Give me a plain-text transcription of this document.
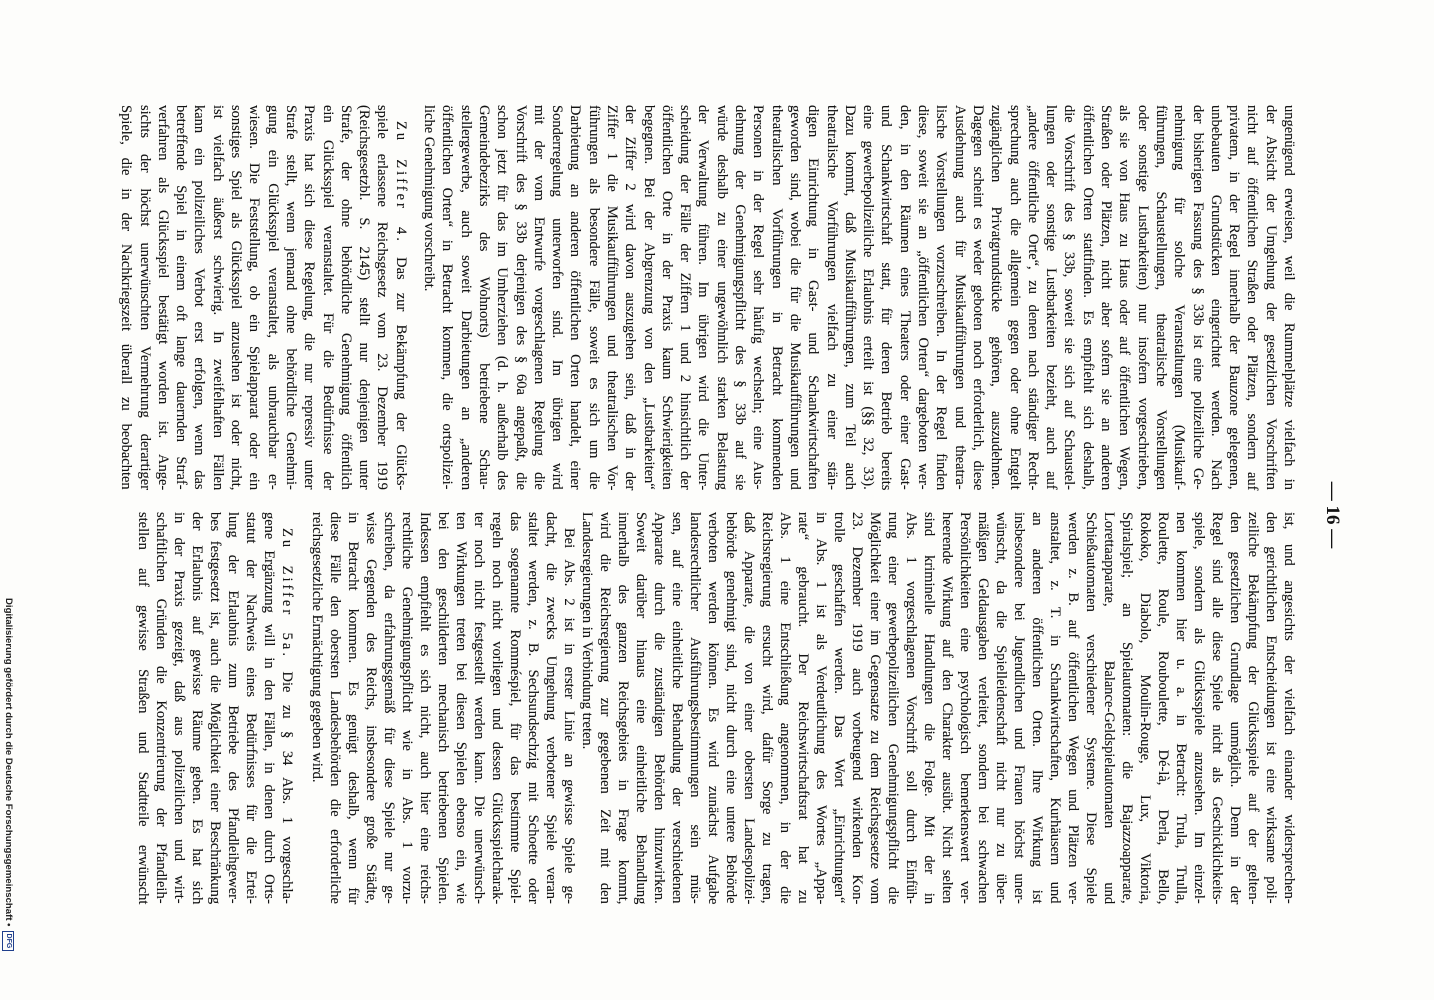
— 16 —
ungenügend erweisen, weil die Rummelplätze vielfach in
der Absicht der Umgehung der gesetzlichen Vorschriften
nicht auf öffentlichen Straßen oder Plätzen, sondern auf
privatem, in der Regel innerhalb der Bauzone gelegenen,
unbebauten Grundstücken eingerichtet werden. Nach
der bisherigen Fassung des § 33b ist eine polizeiliche Ge-
nehmigung für solche Veranstaltungen (Musikauf-
führungen, Schaustellungen, theatralische Vorstellungen
oder sonstige Lustbarkeiten) nur insofern vorgeschrieben,
als sie von Haus zu Haus oder auf öffentlichen Wegen,
Straßen oder Plätzen, nicht aber sofern sie an anderen
öffentlichen Orten stattfinden. Es empfiehlt sich deshalb,
die Vorschrift des § 33b, soweit sie sich auf Schaustel-
lungen oder sonstige Lustbarkeiten bezieht, auch auf
„andere öffentliche Orte“, zu denen nach ständiger Recht-
sprechung auch die allgemein gegen oder ohne Entgelt
zugänglichen Privatgrundstücke gehören, auszudehnen.
Dagegen scheint es weder geboten noch erforderlich, diese
Ausdehnung auch für Musikaufführungen und theatra-
lische Vorstellungen vorzuschreiben. In der Regel finden
diese, soweit sie an „öffentlichen Orten“ dargeboten wer-
den, in den Räumen eines Theaters oder einer Gast-
und Schankwirtschaft statt, für deren Betrieb bereits
eine gewerbepolizeiliche Erlaubnis erteilt ist (§§ 32, 33).
Dazu kommt, daß Musikaufführungen, zum Teil auch
theatralische Vorführungen vielfach zu einer stän-
digen Einrichtung in Gast- und Schankwirtschaften
geworden sind, wobei die für die Musikaufführungen und
theatralischen Vorführungen in Betracht kommenden
Personen in der Regel sehr häufig wechseln; eine Aus-
dehnung der Genehmigungspflicht des § 33b auf sie
würde deshalb zu einer ungewöhnlich starken Belastung
der Verwaltung führen. Im übrigen wird die Unter-
scheidung der Fälle der Ziffern 1 und 2 hinsichtlich der
öffentlichen Orte in der Praxis kaum Schwierigkeiten
begegnen. Bei der Abgrenzung von den „Lustbarkeiten“
der Ziffer 2 wird davon auszugehen sein, daß in der
Ziffer 1 die Musikaufführungen und theatralischen Vor-
führungen als besondere Fälle, soweit es sich um die
Darbietung an anderen öffentlichen Orten handelt, einer
Sonderregelung unterworfen sind. Im übrigen wird
mit der vom Entwurfe vorgeschlagenen Regelung die
Vorschrift des § 33b derjenigen des § 60a angepaßt, die
schon jetzt für das im Umherziehen (d. h. außerhalb des
Gemeindebezirks des Wohnorts) betriebene Schau-
stellergewerbe, auch soweit Darbietungen an „anderen
öffentlichen Orten“ in Betracht kommen, die ortspolizei-
liche Genehmigung vorschreibt.
Zu Ziffer 4. Das zur Bekämpfung der Glücks-
spiele erlassene Reichsgesetz vom 23. Dezember 1919
(Reichsgesetzbl. S. 2145) stellt nur denjenigen unter
Strafe, der ohne behördliche Genehmigung öffentlich
ein Glücksspiel veranstaltet. Für die Bedürfnisse der
Praxis hat sich diese Regelung, die nur repressiv unter
Strafe stellt, wenn jemand ohne behördliche Genehmi-
gung ein Glücksspiel veranstaltet, als unbrauchbar er-
wiesen. Die Feststellung, ob ein Spielapparat oder ein
sonstiges Spiel als Glücksspiel anzusehen ist oder nicht,
ist vielfach äußerst schwierig. In zweifelhaften Fällen
kann ein polizeiliches Verbot erst erfolgen, wenn das
betreffende Spiel in einem oft lange dauernden Straf-
verfahren als Glücksspiel bestätigt worden ist. Ange-
sichts der höchst unerwünschten Vermehrung derartiger
Spiele, die in der Nachkriegszeit überall zu beobachten
ist, und angesichts der vielfach einander widersprechen-
den gerichtlichen Entscheidungen ist eine wirksame poli-
zeiliche Bekämpfung der Glücksspiele auf der gelten-
den gesetzlichen Grundlage unmöglich. Denn in der
Regel sind alle diese Spiele nicht als Geschicklichkeits-
spiele, sondern als Glücksspiele anzusehen. Im einzel-
nen kommen hier u. a. in Betracht: Trula, Trulla,
Roulette, Roule, Rouboulette, Dé-là, Derla, Bello,
Rokoko, Diabolo, Moulin-Rouge, Lux, Viktoria,
Spiralspiel; an Spielautomaten: die Bajazzoapparate,
Lorettaapparate, Balance-Geldspielautomaten und
Schießautomaten verschiedener Systeme. Diese Spiele
werden z. B. auf öffentlichen Wegen und Plätzen ver-
anstaltet, z. T. in Schankwirtschaften, Kurhäusern und
an anderen öffentlichen Orten. Ihre Wirkung ist
insbesondere bei Jugendlichen und Frauen höchst uner-
wünscht, da die Spielleidenschaft nicht nur zu über-
mäßigen Geldausgaben verleitet, sondern bei schwachen
Persönlichkeiten eine psychologisch bemerkenswert ver-
heerende Wirkung auf den Charakter ausübt. Nicht selten
sind kriminelle Handlungen die Folge. Mit der in
Abs. 1 vorgeschlagenen Vorschrift soll durch Einfüh-
rung einer gewerbepolizeilichen Genehmigungspflicht die
Möglichkeit einer im Gegensatze zu dem Reichsgesetze vom
23. Dezember 1919 auch vorbeugend wirkenden Kon-
trolle geschaffen werden. Das Wort „Einrichtungen“
in Abs. 1 ist als Verdeutlichung des Wortes „Appa-
rate“ gebraucht. Der Reichswirtschaftsrat hat zu
Abs. 1 eine Entschließung angenommen, in der die
Reichsregierung ersucht wird, dafür Sorge zu tragen,
daß Apparate, die von einer obersten Landespolizei-
behörde genehmigt sind, nicht durch eine untere Behörde
verboten werden können. Es wird zunächst Aufgabe
landesrechtlicher Ausführungsbestimmungen sein müs-
sen, auf eine einheitliche Behandlung der verschiedenen
Apparate durch die zuständigen Behörden hinzuwirken.
Soweit darüber hinaus eine einheitliche Behandlung
innerhalb des ganzen Reichsgebiets in Frage kommt,
wird die Reichsregierung zur gegebenen Zeit mit den
Landesregierungen in Verbindung treten.
Bei Abs. 2 ist in erster Linie an gewisse Spiele ge-
dacht, die zwecks Umgehung verbotener Spiele veran-
staltet werden, z. B. Sechsundsechzig mit Schoette oder
das sogenannte Romméspiel, für das bestimmte Spiel-
regeln noch nicht vorliegen und dessen Glücksspielcharak-
ter noch nicht festgestellt werden kann. Die unerwünsch-
ten Wirkungen treten bei diesen Spielen ebenso ein, wie
bei den geschilderten mechanisch betriebenen Spielen.
Indessen empfiehlt es sich nicht, auch hier eine reichs-
rechtliche Genehmigungspflicht wie in Abs. 1 vorzu-
schreiben, da erfahrungsgemäß für diese Spiele nur ge-
wisse Gegenden des Reichs, insbesondere große Städte,
in Betracht kommen. Es genügt deshalb, wenn für
diese Fälle den obersten Landesbehörden die erforderliche
reichsgesetzliche Ermächtigung gegeben wird.
Zu Ziffer 5a. Die zu § 34 Abs. 1 vorgeschla-
gene Ergänzung will in den Fällen, in denen durch Orts-
statut der Nachweis eines Bedürfnisses für die Ertei-
lung der Erlaubnis zum Betriebe des Pfandleihgewer-
bes festgesetzt ist, auch die Möglichkeit einer Beschränkung
der Erlaubnis auf gewisse Räume geben. Es hat sich
in der Praxis gezeigt, daß aus polizeilichen und wirt-
schaftlichen Gründen die Konzentrierung der Pfandleih-
stellen auf gewisse Straßen und Stadtteile erwünscht
Digitalisierung gefördert durch die Deutsche Forschungsgemeinschaft •
DFG
